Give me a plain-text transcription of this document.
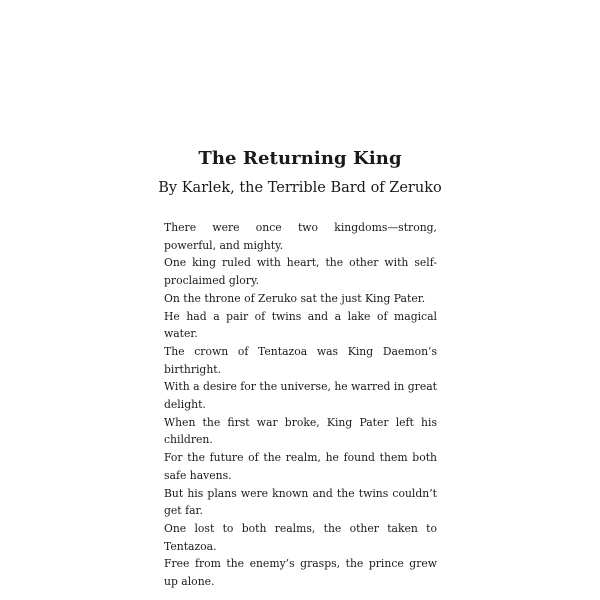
The Returning King
By Karlek, the Terrible Bard of Zeruko

There were once two kingdoms—strong, powerful, and mighty.

One king ruled with heart, the other with self-proclaimed glory.

On the throne of Zeruko sat the just King Pater.

He had a pair of twins and a lake of magical water.

The crown of Tentazoa was King Daemon’s birthright.

With a desire for the universe, he warred in great delight.

When the first war broke, King Pater left his children.

For the future of the realm, he found them both safe havens.

But his plans were known and the twins couldn’t get far.

One lost to both realms, the other taken to Tentazoa.

Free from the enemy’s grasps, the prince grew up alone.
